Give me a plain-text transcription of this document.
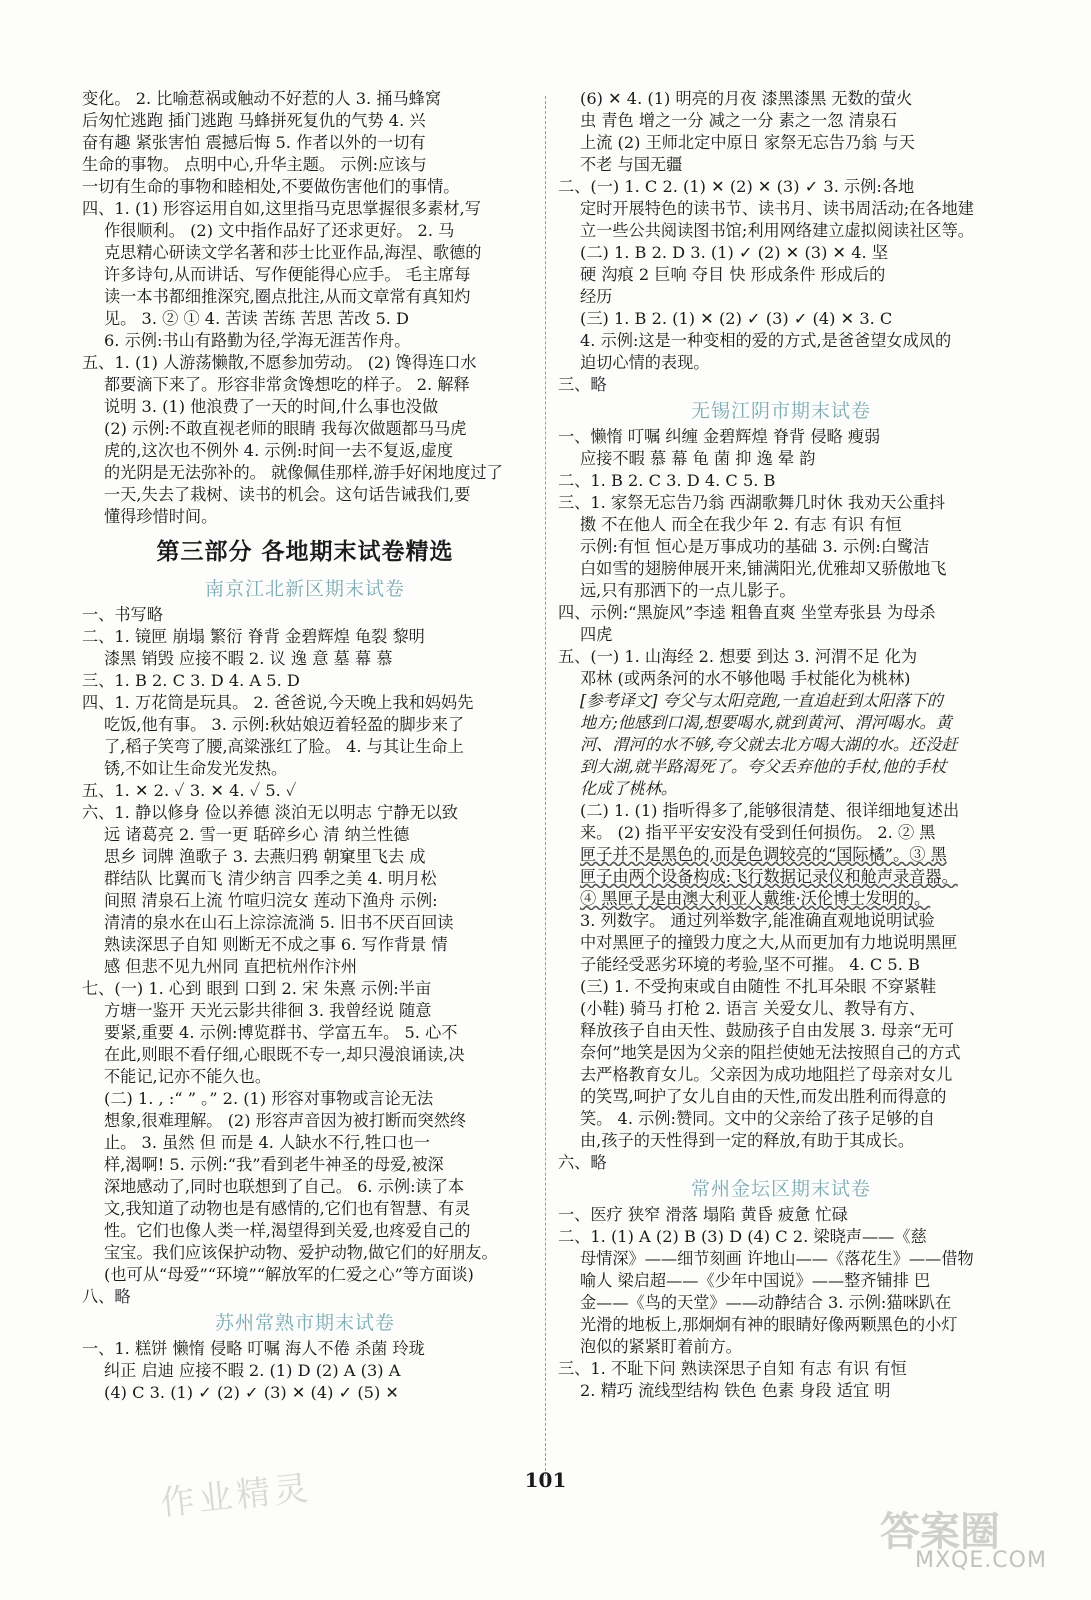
变化。 2. 比喻惹祸或触动不好惹的人 3. 捅马蜂窝
后匆忙逃跑 插门逃跑 马蜂拼死复仇的气势 4. 兴
奋有趣 紧张害怕 震撼后悔 5. 作者以外的一切有
生命的事物。 点明中心,升华主题。 示例:应该与
一切有生命的事物和睦相处,不要做伤害他们的事情。
四、1. (1) 形容运用自如,这里指马克思掌握很多素材,写
作很顺利。 (2) 文中指作品好了还求更好。 2. 马
克思精心研读文学名著和莎士比亚作品,海涅、歌德的
许多诗句,从而讲话、写作便能得心应手。 毛主席每
读一本书都细推深究,圈点批注,从而文章常有真知灼
见。 3. ② ① 4. 苦读 苦练 苦思 苦改 5. D
6. 示例:书山有路勤为径,学海无涯苦作舟。
五、1. (1) 人游荡懒散,不愿参加劳动。 (2) 馋得连口水
都要滴下来了。形容非常贪馋想吃的样子。 2. 解释
说明 3. (1) 他浪费了一天的时间,什么事也没做
(2) 示例:不敢直视老师的眼睛 我每次做题都马马虎
虎的,这次也不例外 4. 示例:时间一去不复返,虚度
的光阴是无法弥补的。 就像佩佳那样,游手好闲地度过了
一天,失去了栽树、读书的机会。这句话告诫我们,要
懂得珍惜时间。
第三部分 各地期末试卷精选
南京江北新区期末试卷
一、书写略
二、1. 镜匣 崩塌 繁衍 脊背 金碧辉煌 龟裂 黎明
漆黑 销毁 应接不暇 2. 议 逸 意 墓 幕 慕
三、1. B 2. C 3. D 4. A 5. D
四、1. 万花筒是玩具。 2. 爸爸说,今天晚上我和妈妈先
吃饭,他有事。 3. 示例:秋姑娘迈着轻盈的脚步来了
了,稻子笑弯了腰,高粱涨红了脸。 4. 与其让生命上
锈,不如让生命发光发热。
五、1. ✕ 2. ✓ 3. ✕ 4. ✓ 5. ✓
六、1. 静以修身 俭以养德 淡泊无以明志 宁静无以致
远 诸葛亮 2. 雪一更 聒碎乡心 清 纳兰性德
思乡 词牌 渔歌子 3. 去燕归鸦 朝窠里飞去 成
群结队 比翼而飞 清少纳言 四季之美 4. 明月松
间照 清泉石上流 竹喧归浣女 莲动下渔舟 示例:
清清的泉水在山石上淙淙流淌 5. 旧书不厌百回读
熟读深思子自知 则断无不成之事 6. 写作背景 情
感 但悲不见九州同 直把杭州作汴州
七、(一) 1. 心到 眼到 口到 2. 宋 朱熹 示例:半亩
方塘一鉴开 天光云影共徘徊 3. 我曾经说 随意
要紧,重要 4. 示例:博览群书、学富五车。 5. 心不
在此,则眼不看仔细,心眼既不专一,却只漫浪诵读,决
不能记,记亦不能久也。
(二) 1. , :“ ” 。” 2. (1) 形容对事物或言论无法
想象,很难理解。 (2) 形容声音因为被打断而突然终
止。 3. 虽然 但 而是 4. 人缺水不行,牲口也一
样,渴啊! 5. 示例:“我”看到老牛神圣的母爱,被深
深地感动了,同时也联想到了自己。 6. 示例:读了本
文,我知道了动物也是有感情的,它们也有智慧、有灵
性。它们也像人类一样,渴望得到关爱,也疼爱自己的
宝宝。我们应该保护动物、爱护动物,做它们的好朋友。
(也可从“母爱”“环境”“解放军的仁爱之心”等方面谈)
八、略
苏州常熟市期末试卷
一、1. 糕饼 懒惰 侵略 叮嘱 海人不倦 杀菌 玲珑
纠正 启迪 应接不暇 2. (1) D (2) A (3) A
(4) C 3. (1) ✓ (2) ✓ (3) ✕ (4) ✓ (5) ✕
(6) ✕ 4. (1) 明亮的月夜 漆黑漆黑 无数的萤火
虫 青色 增之一分 减之一分 素之一忽 清泉石
上流 (2) 王师北定中原日 家祭无忘告乃翁 与天
不老 与国无疆
二、(一) 1. C 2. (1) ✕ (2) ✕ (3) ✓ 3. 示例:各地
定时开展特色的读书节、读书月、读书周活动;在各地建
立一些公共阅读图书馆;利用网络建立虚拟阅读社区等。
(二) 1. B 2. D 3. (1) ✓ (2) ✕ (3) ✕ 4. 坚
硬 沟痕 2 巨响 夺目 快 形成条件 形成后的
经历
(三) 1. B 2. (1) ✕ (2) ✓ (3) ✓ (4) ✕ 3. C
4. 示例:这是一种变相的爱的方式,是爸爸望女成凤的
迫切心情的表现。
三、略
无锡江阴市期末试卷
一、懒惰 叮嘱 纠缠 金碧辉煌 脊背 侵略 瘦弱
应接不暇 慕 幕 龟 菌 抑 逸 晕 韵
二、1. B 2. C 3. D 4. C 5. B
三、1. 家祭无忘告乃翁 西湖歌舞几时休 我劝天公重抖
擞 不在他人 而全在我少年 2. 有志 有识 有恒
示例:有恒 恒心是万事成功的基础 3. 示例:白鹭洁
白如雪的翅膀伸展开来,铺满阳光,优雅却又骄傲地飞
远,只有那洒下的一点儿影子。
四、示例:“黑旋风”李逵 粗鲁直爽 坐堂寿张县 为母杀
四虎
五、(一) 1. 山海经 2. 想要 到达 3. 河渭不足 化为
邓林 (或两条河的水不够他喝 手杖能化为桃林)
[参考译文] 夸父与太阳竞跑,一直追赶到太阳落下的
地方;他感到口渴,想要喝水,就到黄河、渭河喝水。黄
河、渭河的水不够,夸父就去北方喝大湖的水。还没赶
到大湖,就半路渴死了。夸父丢弃他的手杖,他的手杖
化成了桃林。
(二) 1. (1) 指听得多了,能够很清楚、很详细地复述出
来。 (2) 指平平安安没有受到任何损伤。 2. ② 黑
匣子并不是黑色的,而是色调较亮的“国际橘”。③ 黑
匣子由两个设备构成:飞行数据记录仪和舱声录音器。
④ 黑匣子是由澳大利亚人戴维·沃伦博士发明的。
3. 列数字。 通过列举数字,能准确直观地说明试验
中对黑匣子的撞毁力度之大,从而更加有力地说明黑匣
子能经受恶劣环境的考验,坚不可摧。 4. C 5. B
(三) 1. 不受拘束或自由随性 不扎耳朵眼 不穿紧鞋
(小鞋) 骑马 打枪 2. 语言 关爱女儿、教导有方、
释放孩子自由天性、鼓励孩子自由发展 3. 母亲“无可
奈何”地笑是因为父亲的阻拦使她无法按照自己的方式
去严格教育女儿。父亲因为成功地阻拦了母亲对女儿
的笑骂,呵护了女儿自由的天性,而发出胜利而得意的
笑。 4. 示例:赞同。文中的父亲给了孩子足够的自
由,孩子的天性得到一定的释放,有助于其成长。
六、略
常州金坛区期末试卷
一、医疗 狭窄 滑落 塌陷 黄昏 疲惫 忙碌
二、1. (1) A (2) B (3) D (4) C 2. 梁晓声——《慈
母情深》——细节刻画 许地山——《落花生》——借物
喻人 梁启超——《少年中国说》——整齐铺排 巴
金——《鸟的天堂》——动静结合 3. 示例:猫咪趴在
光滑的地板上,那炯炯有神的眼睛好像两颗黑色的小灯
泡似的紧紧盯着前方。
三、1. 不耻下问 熟读深思子自知 有志 有识 有恒
2. 精巧 流线型结构 铁色 色素 身段 适宜 明
101
作业精灵
答案圈
MXQE.COM
